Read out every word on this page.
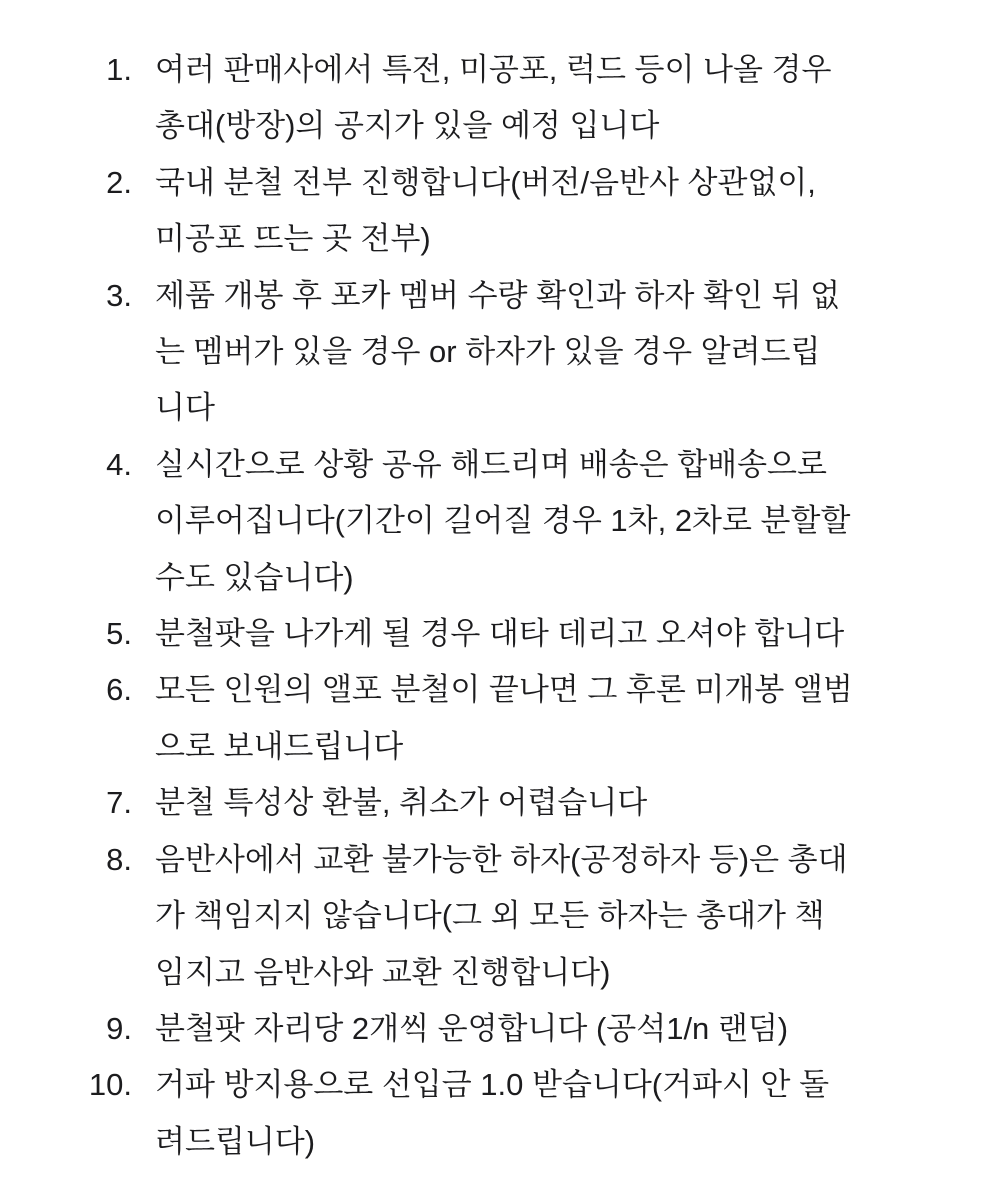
1. 여러 판매사에서 특전, 미공포, 럭드 등이 나올 경우
총대(방장)의 공지가 있을 예정 입니다
2. 국내 분철 전부 진행합니다(버전/음반사 상관없이,
미공포 뜨는 곳 전부)
3. 제품 개봉 후 포카 멤버 수량 확인과 하자 확인 뒤 없
는 멤버가 있을 경우 or 하자가 있을 경우 알려드립
니다
4. 실시간으로 상황 공유 해드리며 배송은 합배송으로
이루어집니다(기간이 길어질 경우 1차, 2차로 분할할
수도 있습니다)
5. 분철팟을 나가게 될 경우 대타 데리고 오셔야 합니다
6. 모든 인원의 앨포 분철이 끝나면 그 후론 미개봉 앨범
으로 보내드립니다
7. 분철 특성상 환불, 취소가 어렵습니다
8. 음반사에서 교환 불가능한 하자(공정하자 등)은 총대
가 책임지지 않습니다(그 외 모든 하자는 총대가 책
임지고 음반사와 교환 진행합니다)
9. 분철팟 자리당 2개씩 운영합니다 (공석1/n 랜덤)
10. 거파 방지용으로 선입금 1.0 받습니다(거파시 안 돌
려드립니다)
